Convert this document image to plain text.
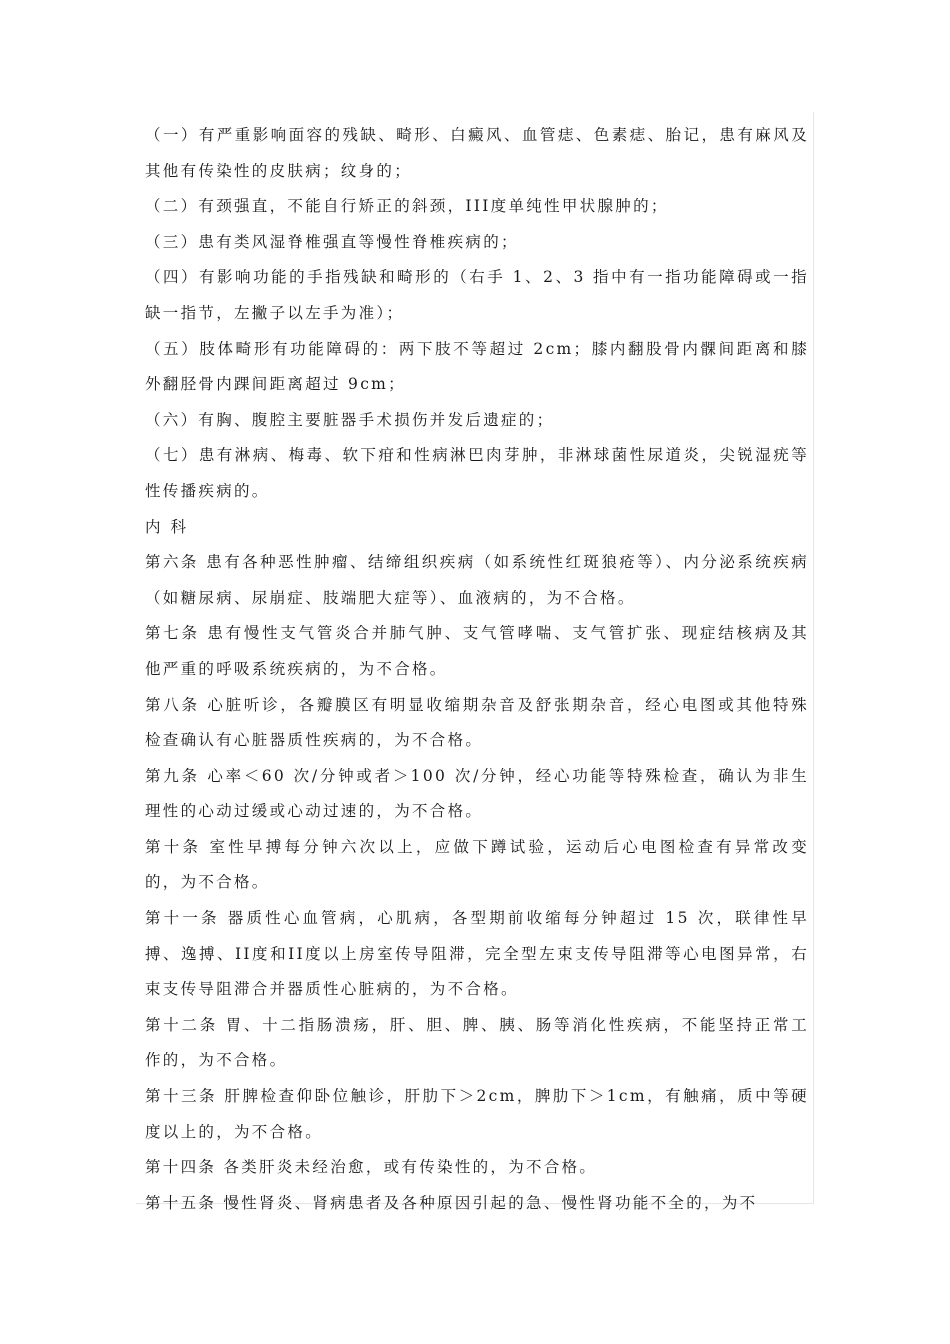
（一）有严重影响面容的残缺、畸形、白癜风、血管痣、色素痣、胎记，患有麻风及其他有传染性的皮肤病；纹身的；

（二）有颈强直，不能自行矫正的斜颈，III度单纯性甲状腺肿的；

（三）患有类风湿脊椎强直等慢性脊椎疾病的；

（四）有影响功能的手指残缺和畸形的（右手 1、2、3 指中有一指功能障碍或一指缺一指节，左撇子以左手为准）；

（五）肢体畸形有功能障碍的：两下肢不等超过 2cm；膝内翻股骨内髁间距离和膝外翻胫骨内踝间距离超过 9cm；

（六）有胸、腹腔主要脏器手术损伤并发后遗症的；

（七）患有淋病、梅毒、软下疳和性病淋巴肉芽肿，非淋球菌性尿道炎，尖锐湿疣等性传播疾病的。

内科

第六条 患有各种恶性肿瘤、结缔组织疾病（如系统性红斑狼疮等）、内分泌系统疾病（如糖尿病、尿崩症、肢端肥大症等）、血液病的，为不合格。

第七条 患有慢性支气管炎合并肺气肿、支气管哮喘、支气管扩张、现症结核病及其他严重的呼吸系统疾病的，为不合格。

第八条 心脏听诊，各瓣膜区有明显收缩期杂音及舒张期杂音，经心电图或其他特殊检查确认有心脏器质性疾病的，为不合格。

第九条 心率＜60 次/分钟或者＞100 次/分钟，经心功能等特殊检查，确认为非生理性的心动过缓或心动过速的，为不合格。

第十条 室性早搏每分钟六次以上，应做下蹲试验，运动后心电图检查有异常改变的，为不合格。

第十一条 器质性心血管病，心肌病，各型期前收缩每分钟超过 15 次，联律性早搏、逸搏、II度和II度以上房室传导阻滞，完全型左束支传导阻滞等心电图异常，右束支传导阻滞合并器质性心脏病的，为不合格。

第十二条 胃、十二指肠溃疡，肝、胆、脾、胰、肠等消化性疾病，不能坚持正常工作的，为不合格。

第十三条 肝脾检查仰卧位触诊，肝肋下＞2cm，脾肋下＞1cm，有触痛，质中等硬度以上的，为不合格。

第十四条 各类肝炎未经治愈，或有传染性的，为不合格。

第十五条 慢性肾炎、肾病患者及各种原因引起的急、慢性肾功能不全的，为不
